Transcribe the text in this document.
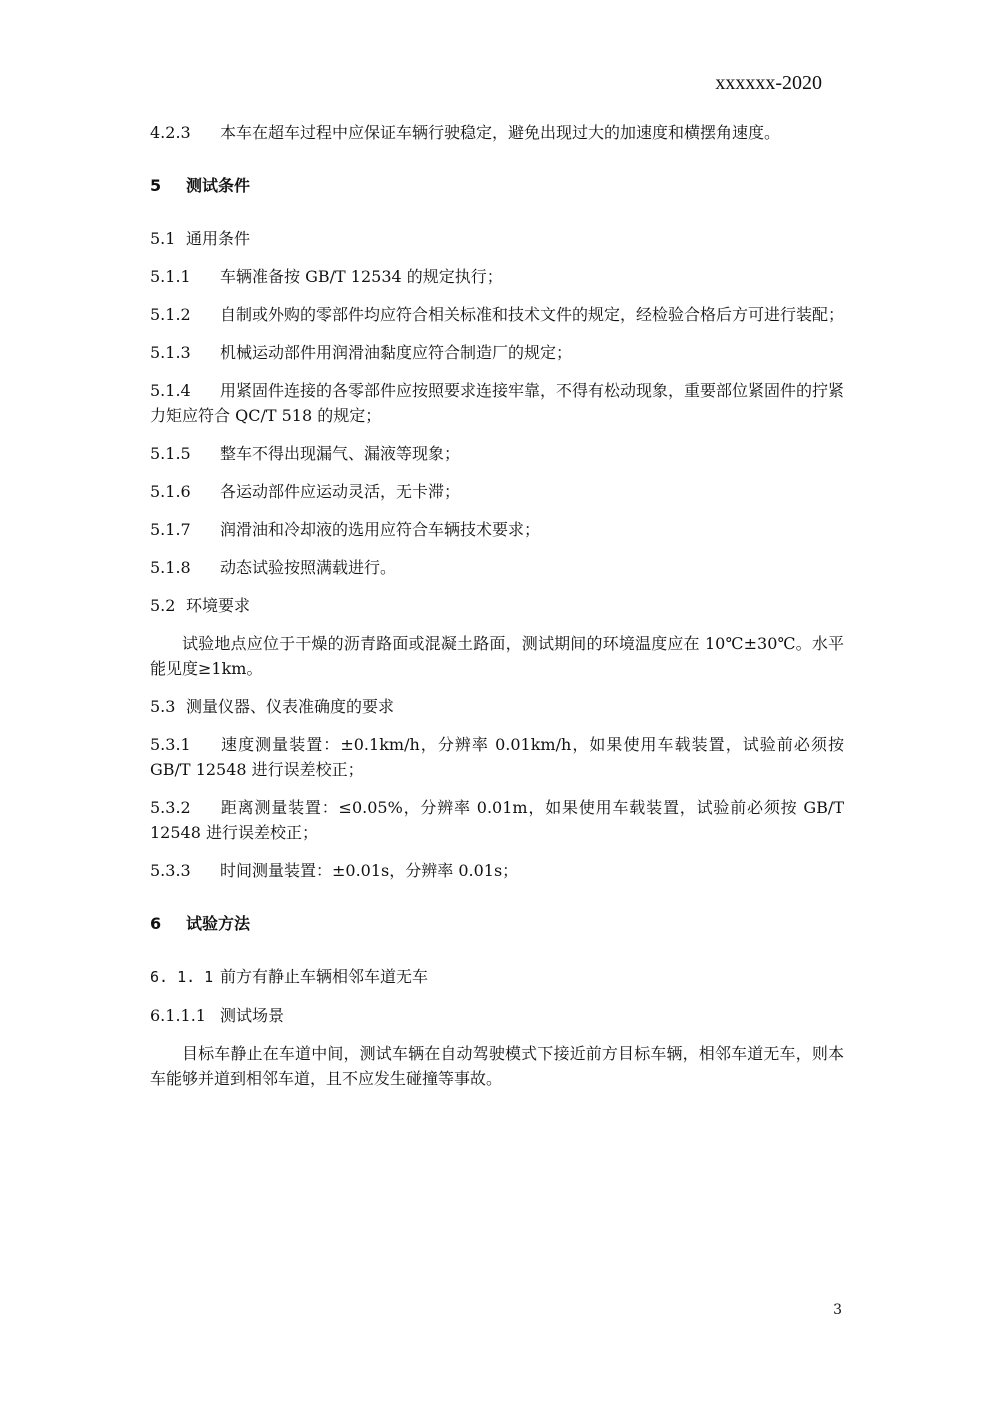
xxxxxx-2020
4.2.3 本车在超车过程中应保证车辆行驶稳定，避免出现过大的加速度和横摆角速度。
5 测试条件
5.1 通用条件
5.1.1 车辆准备按 GB/T 12534 的规定执行；
5.1.2 自制或外购的零部件均应符合相关标准和技术文件的规定，经检验合格后方可进行装配；
5.1.3 机械运动部件用润滑油黏度应符合制造厂的规定；
5.1.4 用紧固件连接的各零部件应按照要求连接牢靠，不得有松动现象，重要部位紧固件的拧紧力矩应符合 QC/T 518 的规定；
5.1.5 整车不得出现漏气、漏液等现象；
5.1.6 各运动部件应运动灵活，无卡滞；
5.1.7 润滑油和冷却液的选用应符合车辆技术要求；
5.1.8 动态试验按照满载进行。
5.2 环境要求
试验地点应位于干燥的沥青路面或混凝土路面，测试期间的环境温度应在 10℃±30℃。水平能见度≥1km。
5.3 测量仪器、仪表准确度的要求
5.3.1 速度测量装置：±0.1km/h，分辨率 0.01km/h，如果使用车载装置，试验前必须按 GB/T 12548 进行误差校正；
5.3.2 距离测量装置：≤0.05%，分辨率 0.01m，如果使用车载装置，试验前必须按 GB/T 12548 进行误差校正；
5.3.3 时间测量装置：±0.01s，分辨率 0.01s；
6 试验方法
6. 1. 1 前方有静止车辆相邻车道无车
6.1.1.1 测试场景
目标车静止在车道中间，测试车辆在自动驾驶模式下接近前方目标车辆，相邻车道无车，则本车能够并道到相邻车道，且不应发生碰撞等事故。
3
